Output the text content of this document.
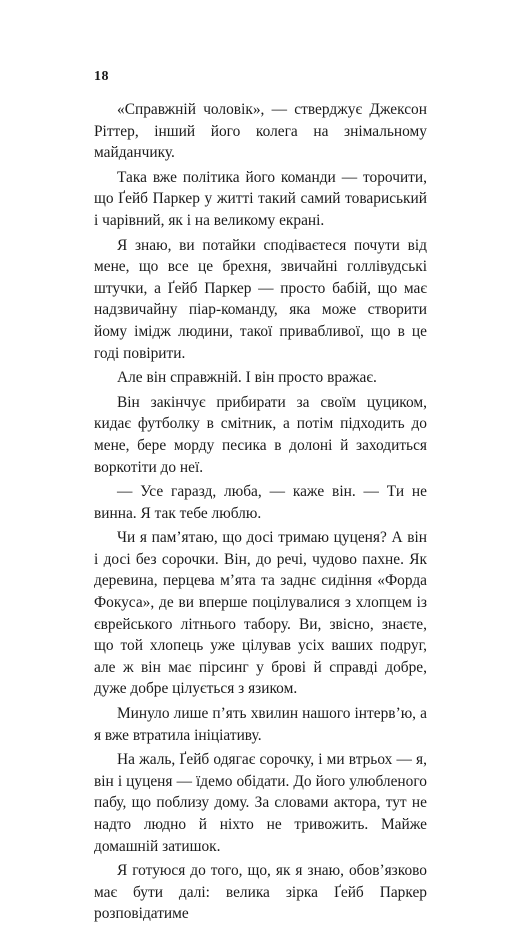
18

«Справжній чоловік», — стверджує Джексон Ріттер, інший його колега на знімальному майданчику.

Така вже політика його команди — торочити, що Ґейб Паркер у житті такий самий товариський і чарівний, як і на великому екрані.

Я знаю, ви потайки сподіваєтеся почути від мене, що все це брехня, звичайні голлівудські штучки, а Ґейб Паркер — просто бабій, що має надзвичайну піар-команду, яка може створити йому імідж людини, такої привабливої, що в це годі повірити.

Але він справжній. І він просто вражає.

Він закінчує прибирати за своїм цуциком, кидає футболку в смітник, а потім підходить до мене, бере морду песика в долоні й заходиться воркотіти до неї.

— Усе гаразд, люба, — каже він. — Ти не винна. Я так тебе люблю.

Чи я пам’ятаю, що досі тримаю цуценя? А він і досі без сорочки. Він, до речі, чудово пахне. Як деревина, перцева м’ята та заднє сидіння «Форда Фокуса», де ви вперше поцілувалися з хлопцем із єврейського літнього табору. Ви, звісно, знаєте, що той хлопець уже цілував усіх ваших подруг, але ж він має пірсинг у брові й справді добре, дуже добре цілується з язиком.

Минуло лише п’ять хвилин нашого інтерв’ю, а я вже втратила ініціативу.

На жаль, Ґейб одягає сорочку, і ми втрьох — я, він і цуценя — їдемо обідати. До його улюбленого пабу, що поблизу дому. За словами актора, тут не надто людно й ніхто не тривожить. Майже домашній затишок.

Я готуюся до того, що, як я знаю, обов’язково має бути далі: велика зірка Ґейб Паркер розповідатиме
